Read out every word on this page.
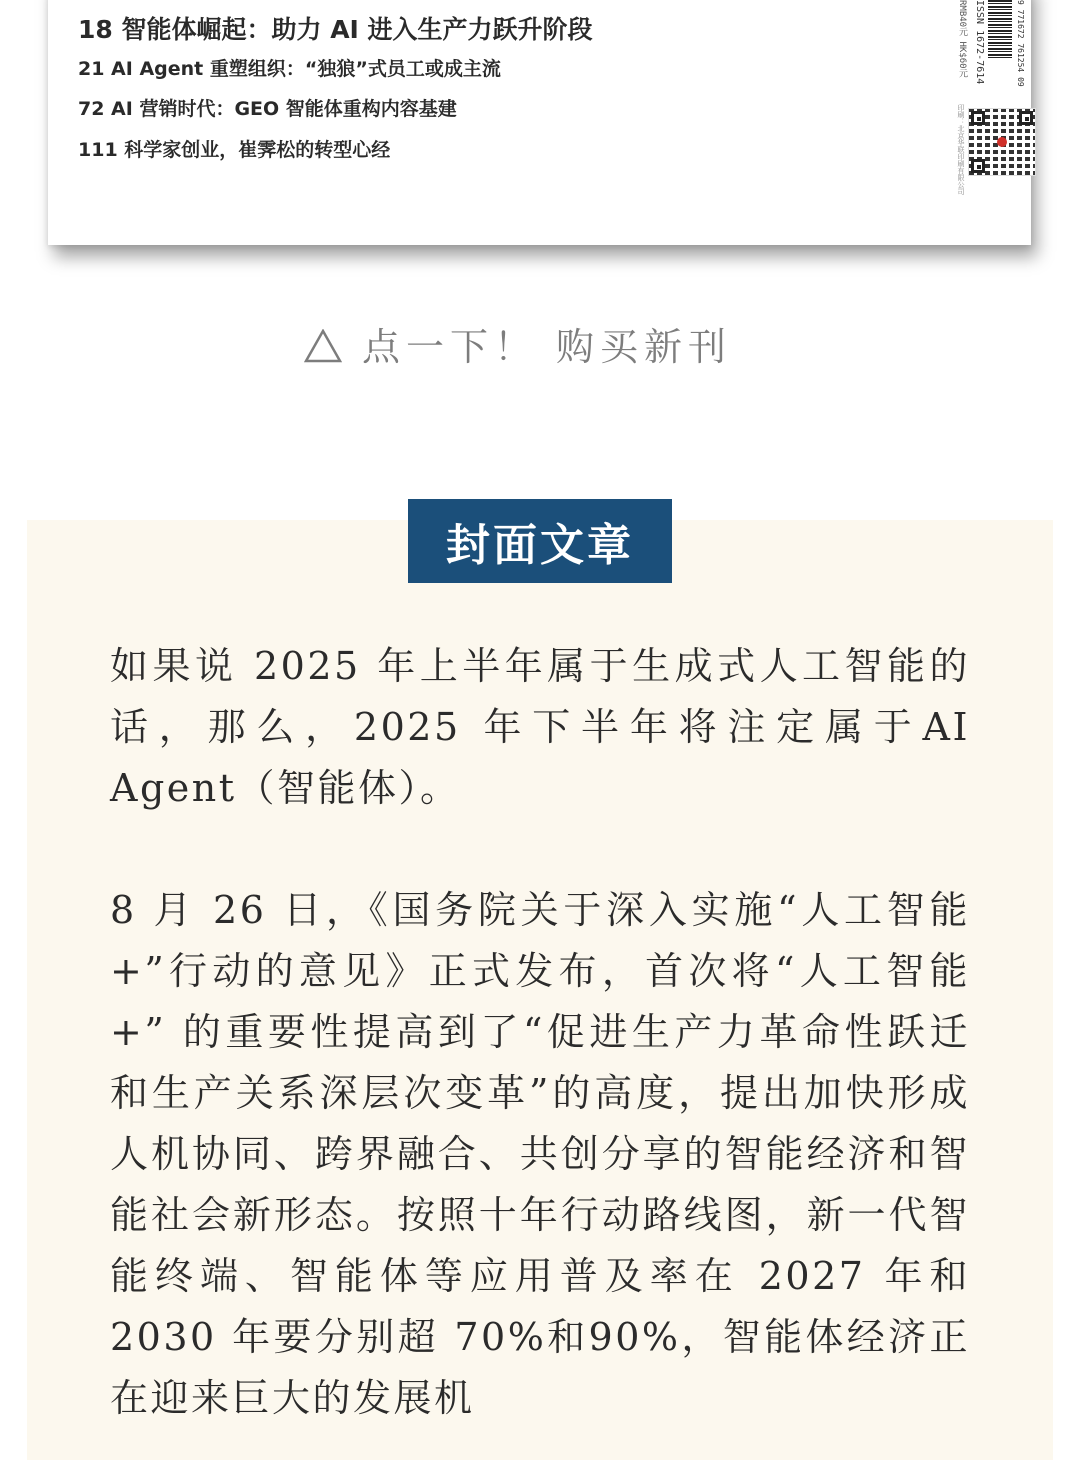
18 智能体崛起：助力 AI 进入生产力跃升阶段
21 AI Agent 重塑组织：“独狼”式员工或成主流
72 AI 营销时代：GEO 智能体重构内容基建
111 科学家创业，崔霁松的转型心经
RMB40元 HK$60元	9 771672 761254 09
ISSN 1672-7614
印刷：北京华联印刷有限公司
点一下！ 购买新刊
封面文章

如果说 2025 年上半年属于生成式人工智能的话，那么，2025 年下半年将注定属于AI Agent（智能体）。

8 月 26 日，《国务院关于深入实施“人工智能 +”行动的意见》正式发布，首次将“人工智能 +” 的重要性提高到了“促进生产力革命性跃迁和生产关系深层次变革”的高度，提出加快形成人机协同、跨界融合、共创分享的智能经济和智能社会新形态。按照十年行动路线图，新一代智能终端、智能体等应用普及率在 2027 年和 2030 年要分别超 70%和90%，智能体经济正在迎来巨大的发展机
